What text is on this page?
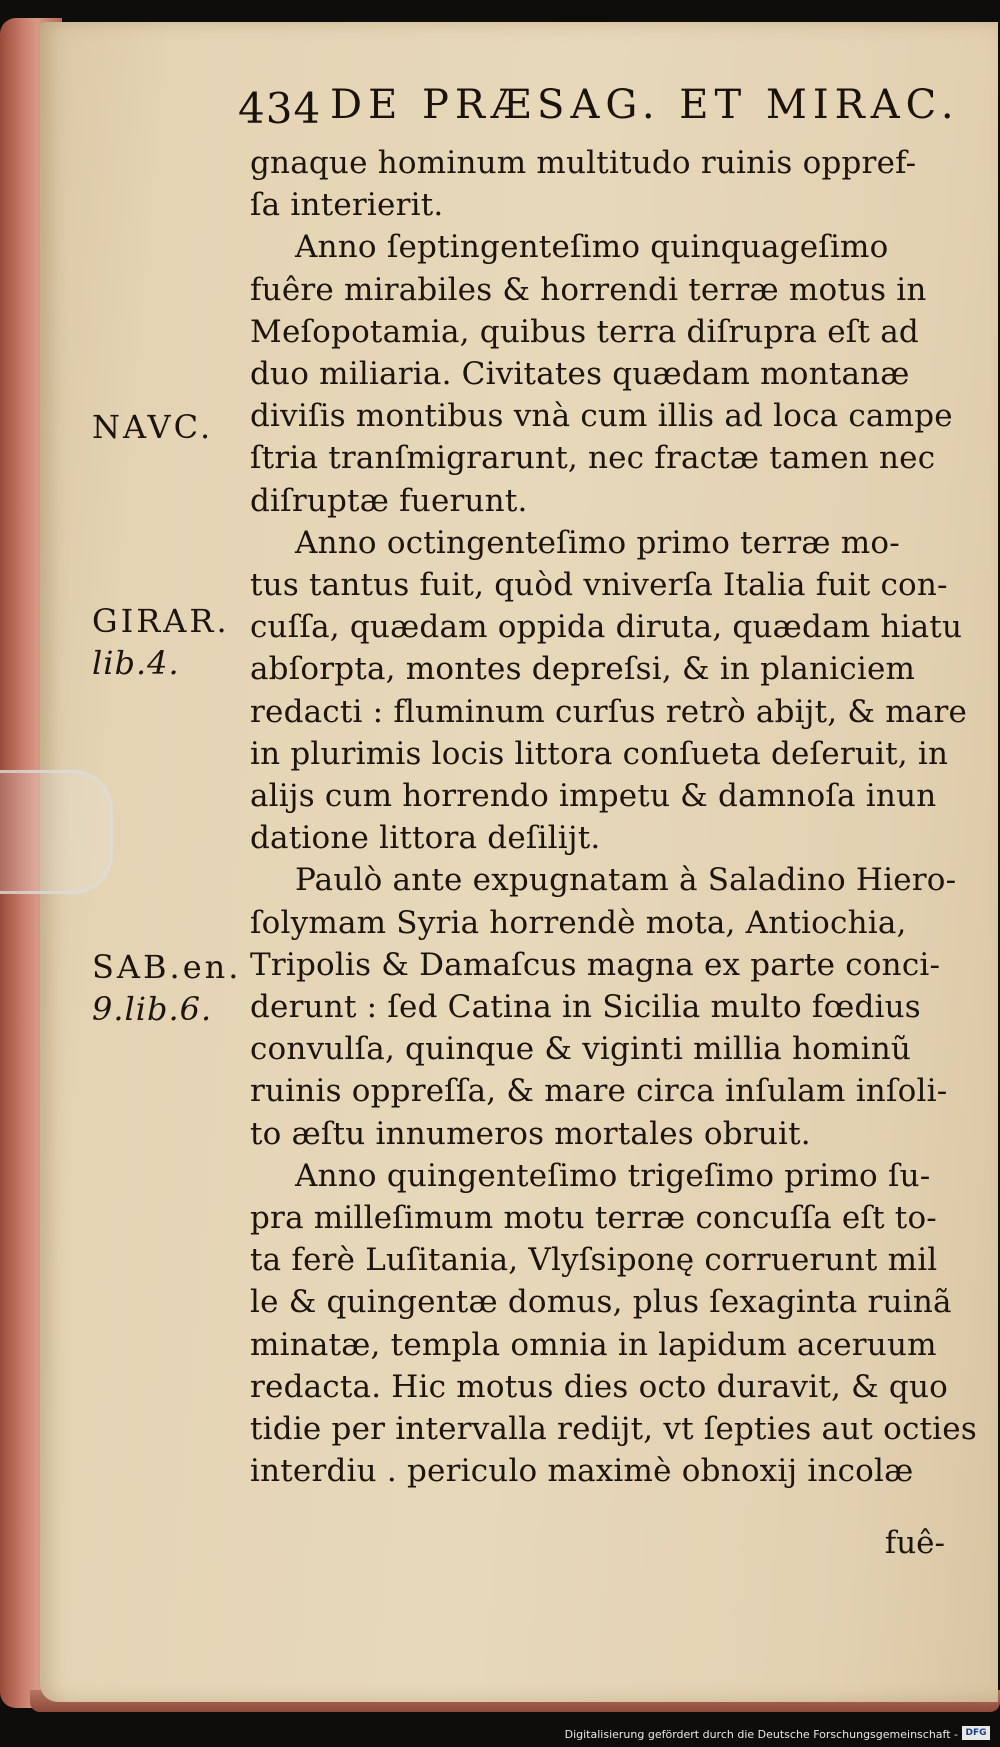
434 DE PRÆSAG. ET MIRAC.
NAVC.
GIRAR.
lib.4.
SAB.en.
9.lib.6.
gnaque hominum multitudo ruinis oppref-
ſa interierit.
Anno ſeptingenteſimo quinquageſimo
fuêre mirabiles & horrendi terræ motus in
Meſopotamia, quibus terra diſrupra eſt ad
duo miliaria. Civitates quædam montanæ
diviſis montibus vnà cum illis ad loca campe
ſtria tranſmigrarunt, nec fractæ tamen nec
diſruptæ fuerunt.
Anno octingenteſimo primo terræ mo-
tus tantus fuit, quòd vniverſa Italia fuit con-
cuſſa, quædam oppida diruta, quædam hiatu
abſorpta, montes depreſsi, & in planiciem
redacti : fluminum curſus retrò abijt, & mare
in plurimis locis littora conſueta deſeruit, in
alijs cum horrendo impetu & damnoſa inun
datione littora deſilijt.
Paulò ante expugnatam à Saladino Hiero-
ſolymam Syria horrendè mota, Antiochia,
Tripolis & Damaſcus magna ex parte conci-
derunt : ſed Catina in Sicilia multo fœdius
convulſa, quinque & viginti millia hominũ
ruinis oppreſſa, & mare circa inſulam inſoli-
to æſtu innumeros mortales obruit.
Anno quingenteſimo trigeſimo primo ſu-
pra milleſimum motu terræ concuſſa eſt to-
ta ferè Luſitania, Vlyſsiponę corruerunt mil
le & quingentæ domus, plus ſexaginta ruinã
minatæ, templa omnia in lapidum aceruum
redacta. Hic motus dies octo duravit, & quo
tidie per intervalla redijt, vt ſepties aut octies
interdiu . periculo maximè obnoxij incolæ
fuê-
Digitalisierung gefördert durch die Deutsche Forschungsgemeinschaft - DFG
